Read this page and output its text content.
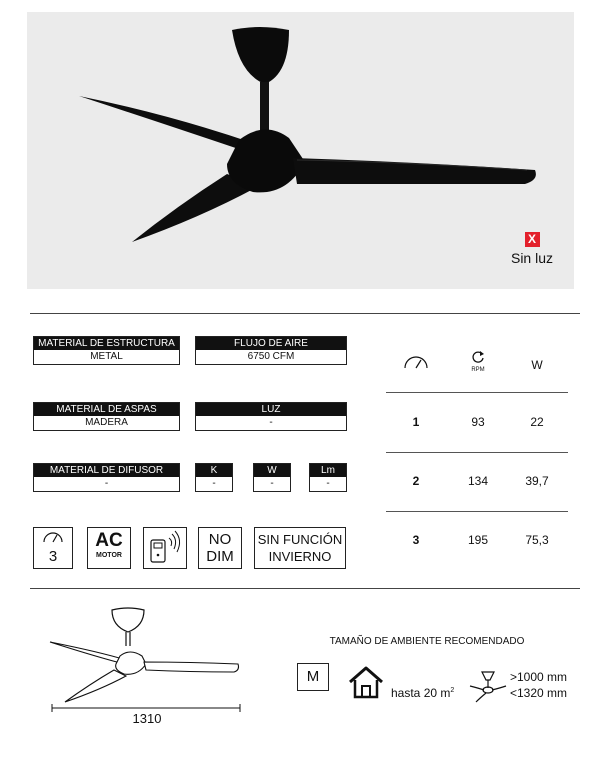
X
Sin luz
MATERIAL DE ESTRUCTURA
METAL
FLUJO DE AIRE
6750 CFM
MATERIAL DE ASPAS
MADERA
LUZ
-
MATERIAL DE DIFUSOR
-
K
-
W
-
Lm
-
3
AC
MOTOR
NO
DIM
SIN FUNCIÓN
INVIERNO
RPM	W
1	93	22
2	134	39,7
3	195	75,3
1310
TAMAÑO DE AMBIENTE RECOMENDADO
M
hasta 20 $m^2$
>1000 mm
<1320 mm
